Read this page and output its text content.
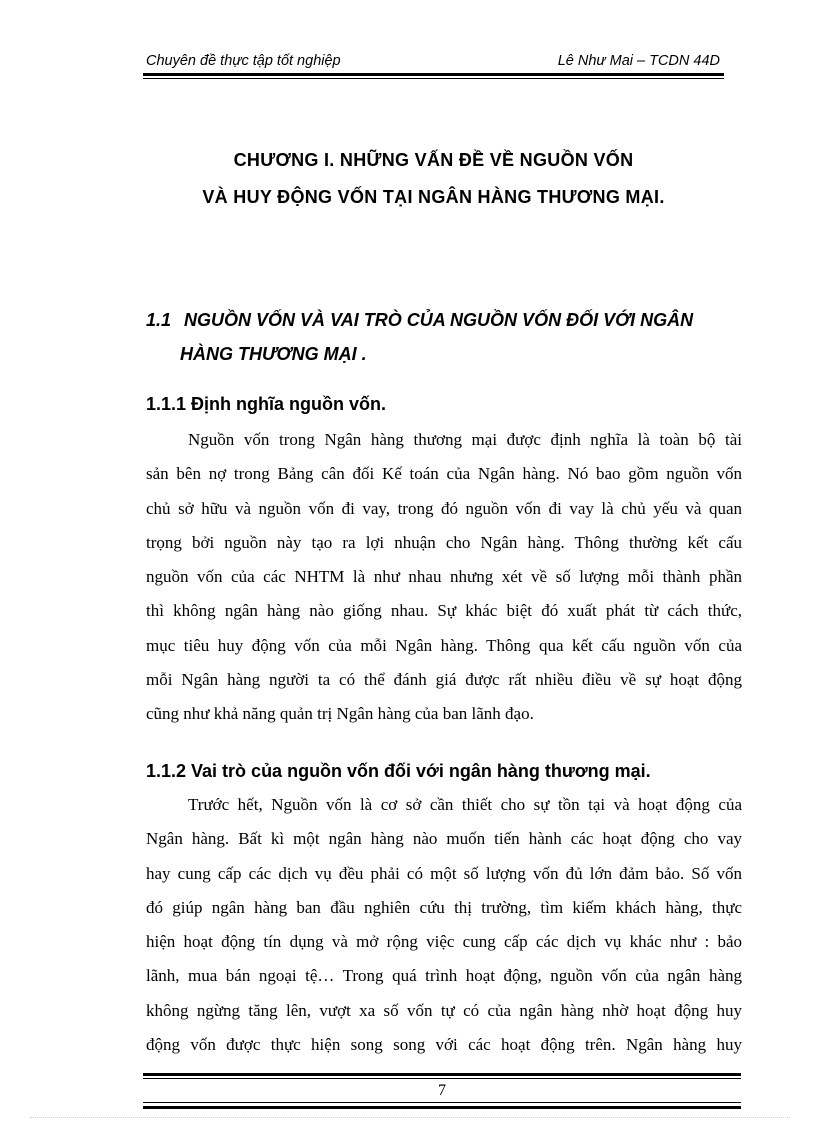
Chuyên đề thực tập tốt nghiệp	Lê Như Mai – TCDN 44D
CHƯƠNG I. NHỮNG VẤN ĐỀ VỀ NGUỒN VỐN
VÀ HUY ĐỘNG VỐN TẠI NGÂN HÀNG THƯƠNG MẠI.
1.1 NGUỒN VỐN VÀ VAI TRÒ CỦA NGUỒN VỐN ĐỐI VỚI NGÂN
HÀNG THƯƠNG MẠI .
1.1.1 Định nghĩa nguồn vốn.
Nguồn vốn trong Ngân hàng thương mại được định nghĩa là toàn bộ tài
sản bên nợ trong Bảng cân đối Kế toán của Ngân hàng. Nó bao gồm nguồn vốn
chủ sở hữu và nguồn vốn đi vay, trong đó nguồn vốn đi vay là chủ yếu và quan
trọng bởi nguồn này tạo ra lợi nhuận cho Ngân hàng. Thông thường kết cấu
nguồn vốn của các NHTM là như nhau nhưng xét về số lượng mỗi thành phần
thì không ngân hàng nào giống nhau. Sự khác biệt đó xuất phát từ cách thức,
mục tiêu huy động vốn của mỗi Ngân hàng. Thông qua kết cấu nguồn vốn của
mỗi Ngân hàng người ta có thể đánh giá được rất nhiều điều về sự hoạt động
cũng như khả năng quản trị Ngân hàng của ban lãnh đạo.
1.1.2 Vai trò của nguồn vốn đối với ngân hàng thương mại.
Trước hết, Nguồn vốn là cơ sở cần thiết cho sự tồn tại và hoạt động của
Ngân hàng. Bất kì một ngân hàng nào muốn tiến hành các hoạt động cho vay
hay cung cấp các dịch vụ đều phải có một số lượng vốn đủ lớn đảm bảo. Số vốn
đó giúp ngân hàng ban đầu nghiên cứu thị trường, tìm kiếm khách hàng, thực
hiện hoạt động tín dụng và mở rộng việc cung cấp các dịch vụ khác như : bảo
lãnh, mua bán ngoại tệ… Trong quá trình hoạt động, nguồn vốn của ngân hàng
không ngừng tăng lên, vượt xa số vốn tự có của ngân hàng nhờ hoạt động huy
động vốn được thực hiện song song với các hoạt động trên. Ngân hàng huy
7
